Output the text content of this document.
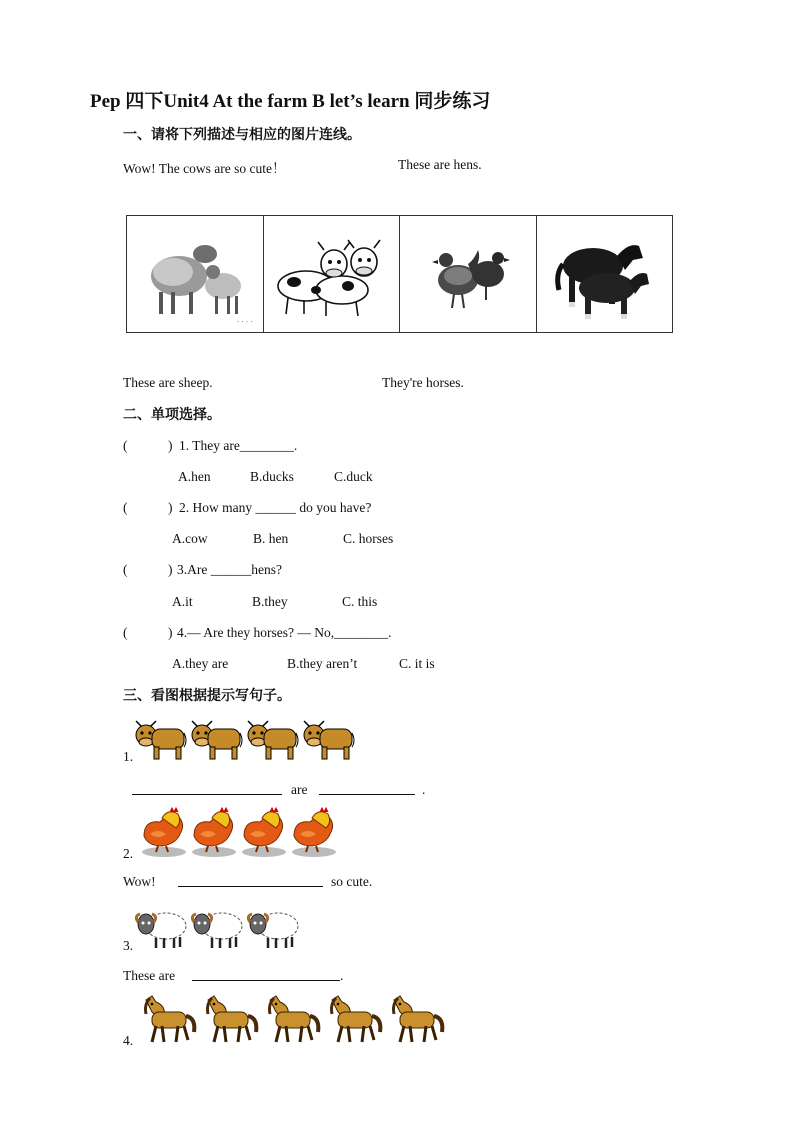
Pep 四下Unit4 At the farm B let’s learn 同步练习
一、请将下列描述与相应的图片连线。
Wow! The cows are so cute！	These are hens.
· · · ·
These are sheep.	They're horses.
二、单项选择。
(	) 1. They are________.
A.hen	B.ducks	C.duck
(	) 2. How many ______ do you have?
A.cow	B. hen	C. horses
(	) 3.Are ______hens?
A.it	B.they	C. this
(	) 4.— Are they horses? — No,________.
A.they are	B.they aren’t	C. it is
三、看图根据提示写句子。
1.
are	.
2.
Wow!	so cute.
3.
These are	.
4.
